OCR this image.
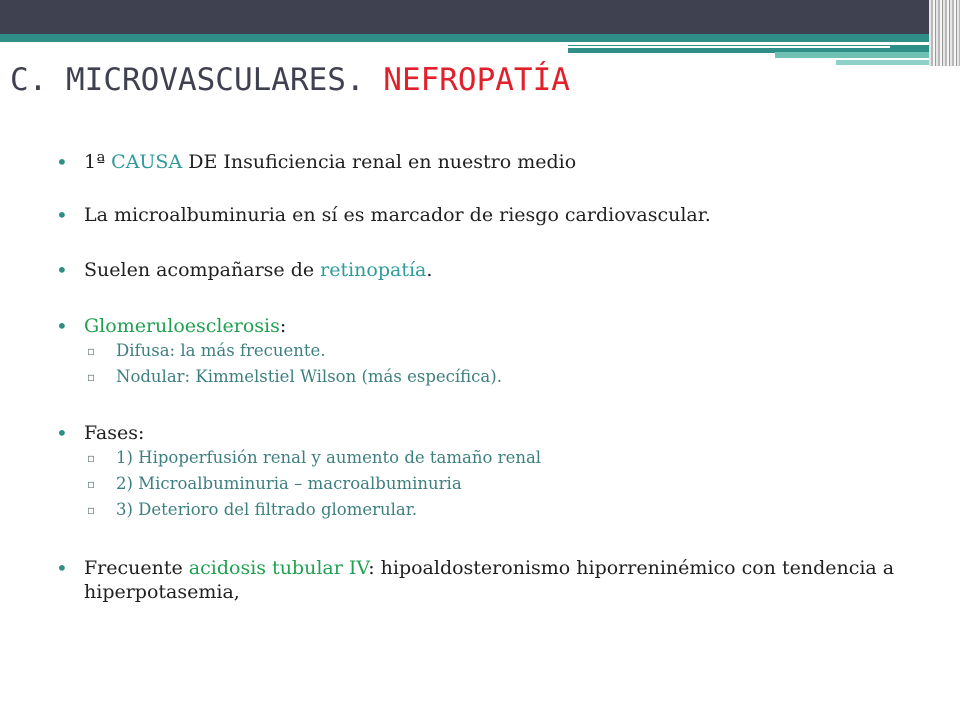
C. MICROVASCULARES. NEFROPATÍA
• 1ª CAUSA DE Insuficiencia renal en nuestro medio
• La microalbuminuria en sí es marcador de riesgo cardiovascular.
• Suelen acompañarse de retinopatía.
• Glomeruloesclerosis:
▫ Difusa: la más frecuente.
▫ Nodular: Kimmelstiel Wilson (más específica).
• Fases:
▫ 1) Hipoperfusión renal y aumento de tamaño renal
▫ 2) Microalbuminuria – macroalbuminuria
▫ 3) Deterioro del filtrado glomerular.
• Frecuente acidosis tubular IV: hipoaldosteronismo hiporreninémico con tendencia a hiperpotasemia,
